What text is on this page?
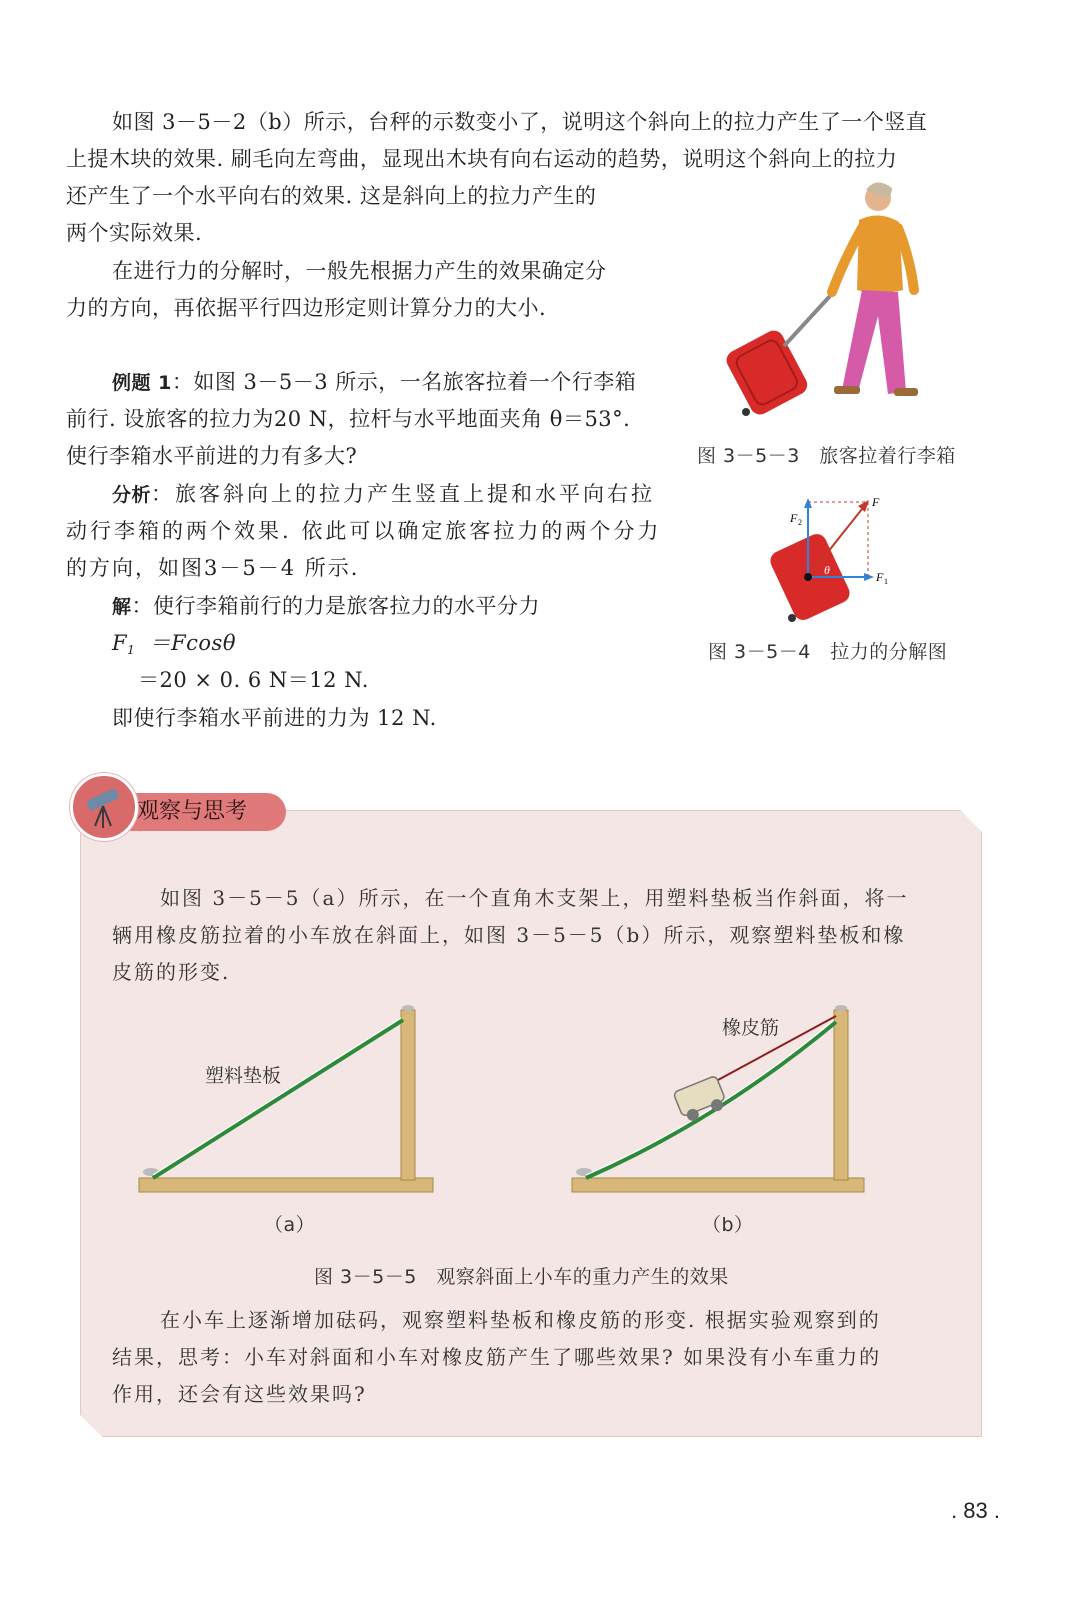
如图 3－5－2（b）所示，台秤的示数变小了，说明这个斜向上的拉力产生了一个竖直

上提木块的效果. 刷毛向左弯曲，显现出木块有向右运动的趋势，说明这个斜向上的拉力

还产生了一个水平向右的效果. 这是斜向上的拉力产生的

两个实际效果.

在进行力的分解时，一般先根据力产生的效果确定分

力的方向，再依据平行四边形定则计算分力的大小.

例题 1：如图 3－5－3 所示，一名旅客拉着一个行李箱

前行. 设旅客的拉力为20 N，拉杆与水平地面夹角 θ＝53°.

使行李箱水平前进的力有多大?

分析：旅客斜向上的拉力产生竖直上提和水平向右拉

动行李箱的两个效果. 依此可以确定旅客拉力的两个分力

的方向，如图3－5－4 所示.

解：使行李箱前行的力是旅客拉力的水平分力

$F_1 =Fcos\theta$

＝20 × 0. 6 N＝12 N.

即使行李箱水平前进的力为 12 N.

图 3－5－3　旅客拉着行李箱
F
F 1
F 2
θ
图 3－5－4　拉力的分解图
观察与思考

如图 3－5－5（a）所示，在一个直角木支架上，用塑料垫板当作斜面，将一

辆用橡皮筋拉着的小车放在斜面上，如图 3－5－5（b）所示，观察塑料垫板和橡

皮筋的形变.

塑料垫板
（a）
橡皮筋
（b）
图 3－5－5　观察斜面上小车的重力产生的效果

在小车上逐渐增加砝码，观察塑料垫板和橡皮筋的形变. 根据实验观察到的

结果，思考：小车对斜面和小车对橡皮筋产生了哪些效果? 如果没有小车重力的

作用，还会有这些效果吗?

. 83 .
